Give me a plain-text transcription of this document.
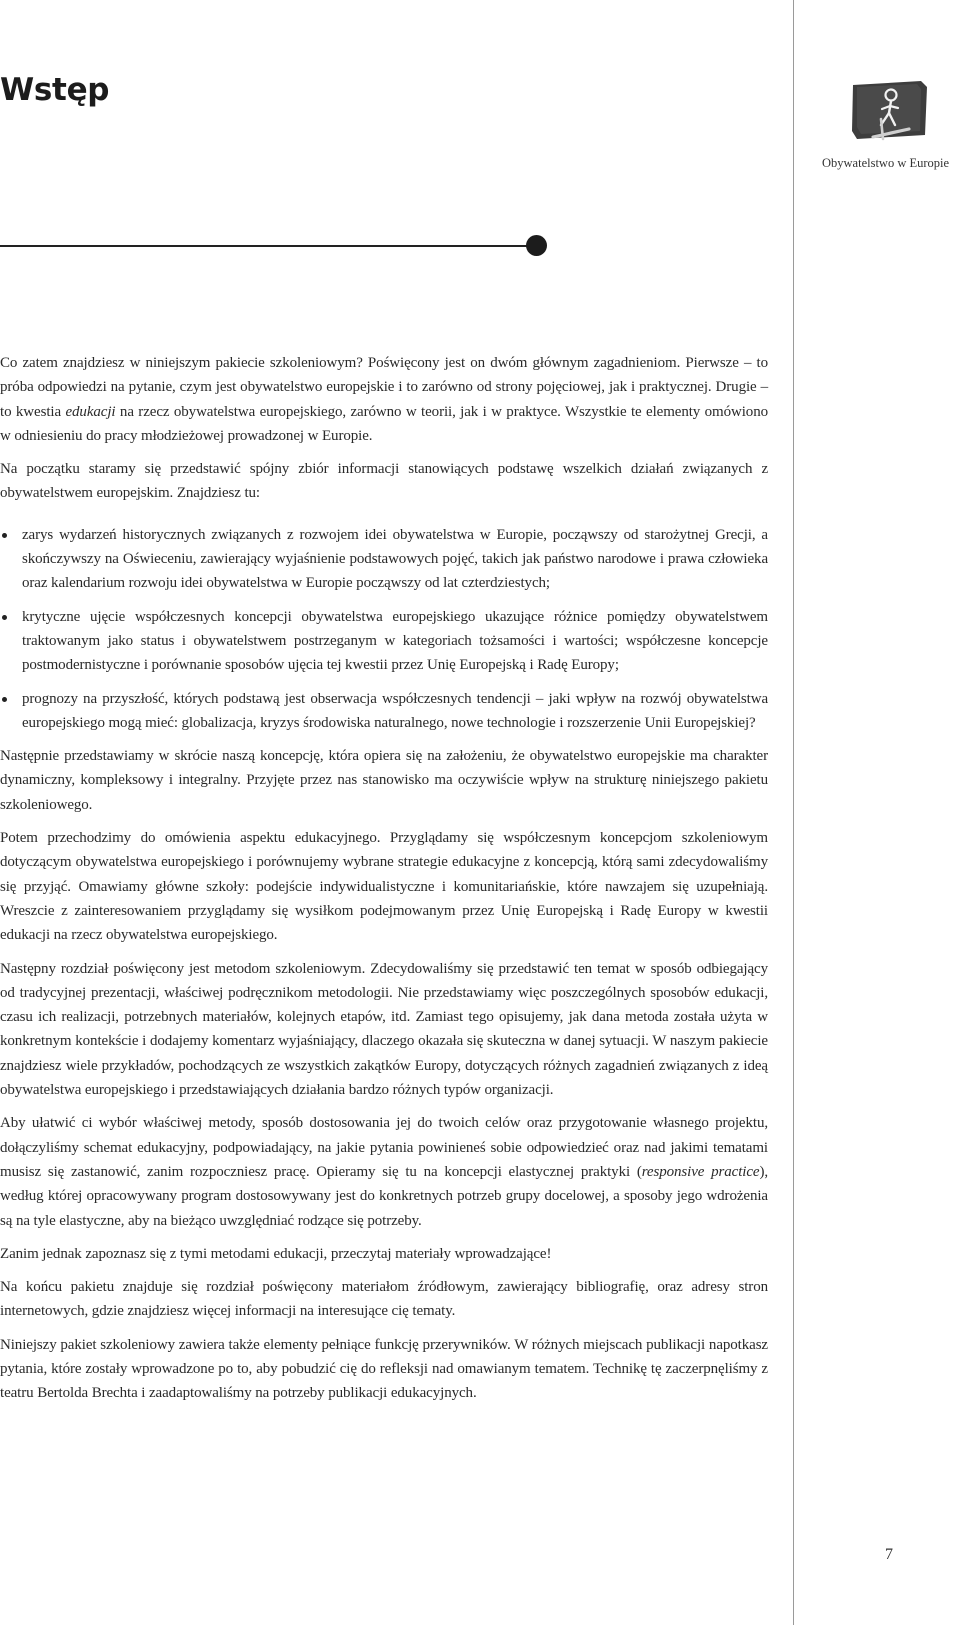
Wstęp
Obywatelstwo w Europie

Co zatem znajdziesz w niniejszym pakiecie szkoleniowym? Poświęcony jest on dwóm głównym zagadnieniom. Pierwsze – to próba odpowiedzi na pytanie, czym jest obywatelstwo europejskie i to zarówno od strony pojęciowej, jak i praktycznej. Drugie – to kwestia edukacji na rzecz obywatelstwa europejskiego, zarówno w teorii, jak i w praktyce. Wszystkie te elementy omówiono w odniesieniu do pracy młodzieżowej prowadzonej w Europie.

Na początku staramy się przedstawić spójny zbiór informacji stanowiących podstawę wszelkich działań związanych z obywatelstwem europejskim. Znajdziesz tu:

zarys wydarzeń historycznych związanych z rozwojem idei obywatelstwa w Europie, począwszy od starożytnej Grecji, a skończywszy na Oświeceniu, zawierający wyjaśnienie podstawowych pojęć, takich jak państwo narodowe i prawa człowieka oraz kalendarium rozwoju idei obywatelstwa w Europie począwszy od lat czterdziestych;
krytyczne ujęcie współczesnych koncepcji obywatelstwa europejskiego ukazujące różnice pomiędzy obywatelstwem traktowanym jako status i obywatelstwem postrzeganym w kategoriach tożsamości i wartości; współczesne koncepcje postmodernistyczne i porównanie sposobów ujęcia tej kwestii przez Unię Europejską i Radę Europy;
prognozy na przyszłość, których podstawą jest obserwacja współczesnych tendencji – jaki wpływ na rozwój obywatelstwa europejskiego mogą mieć: globalizacja, kryzys środowiska naturalnego, nowe technologie i rozszerzenie Unii Europejskiej?

Następnie przedstawiamy w skrócie naszą koncepcję, która opiera się na założeniu, że obywatelstwo europejskie ma charakter dynamiczny, kompleksowy i integralny. Przyjęte przez nas stanowisko ma oczywiście wpływ na strukturę niniejszego pakietu szkoleniowego.

Potem przechodzimy do omówienia aspektu edukacyjnego. Przyglądamy się współczesnym koncepcjom szkoleniowym dotyczącym obywatelstwa europejskiego i porównujemy wybrane strategie edukacyjne z koncepcją, którą sami zdecydowaliśmy się przyjąć. Omawiamy główne szkoły: podejście indywidualistyczne i komunitariańskie, które nawzajem się uzupełniają. Wreszcie z zainteresowaniem przyglądamy się wysiłkom podejmowanym przez Unię Europejską i Radę Europy w kwestii edukacji na rzecz obywatelstwa europejskiego.

Następny rozdział poświęcony jest metodom szkoleniowym. Zdecydowaliśmy się przedstawić ten temat w sposób odbiegający od tradycyjnej prezentacji, właściwej podręcznikom metodologii. Nie przedstawiamy więc poszczególnych sposobów edukacji, czasu ich realizacji, potrzebnych materiałów, kolejnych etapów, itd. Zamiast tego opisujemy, jak dana metoda została użyta w konkretnym kontekście i dodajemy komentarz wyjaśniający, dlaczego okazała się skuteczna w danej sytuacji. W naszym pakiecie znajdziesz wiele przykładów, pochodzących ze wszystkich zakątków Europy, dotyczących różnych zagadnień związanych z ideą obywatelstwa europejskiego i przedstawiających działania bardzo różnych typów organizacji.

Aby ułatwić ci wybór właściwej metody, sposób dostosowania jej do twoich celów oraz przygotowanie własnego projektu, dołączyliśmy schemat edukacyjny, podpowiadający, na jakie pytania powinieneś sobie odpowiedzieć oraz nad jakimi tematami musisz się zastanowić, zanim rozpoczniesz pracę. Opieramy się tu na koncepcji elastycznej praktyki (responsive practice), według której opracowywany program dostosowywany jest do konkretnych potrzeb grupy docelowej, a sposoby jego wdrożenia są na tyle elastyczne, aby na bieżąco uwzględniać rodzące się potrzeby.

Zanim jednak zapoznasz się z tymi metodami edukacji, przeczytaj materiały wprowadzające!

Na końcu pakietu znajduje się rozdział poświęcony materiałom źródłowym, zawierający bibliografię, oraz adresy stron internetowych, gdzie znajdziesz więcej informacji na interesujące cię tematy.

Niniejszy pakiet szkoleniowy zawiera także elementy pełniące funkcję przerywników. W różnych miejscach publikacji napotkasz pytania, które zostały wprowadzone po to, aby pobudzić cię do refleksji nad omawianym tematem. Technikę tę zaczerpnęliśmy z teatru Bertolda Brechta i zaadaptowaliśmy na potrzeby publikacji edukacyjnych.

7
